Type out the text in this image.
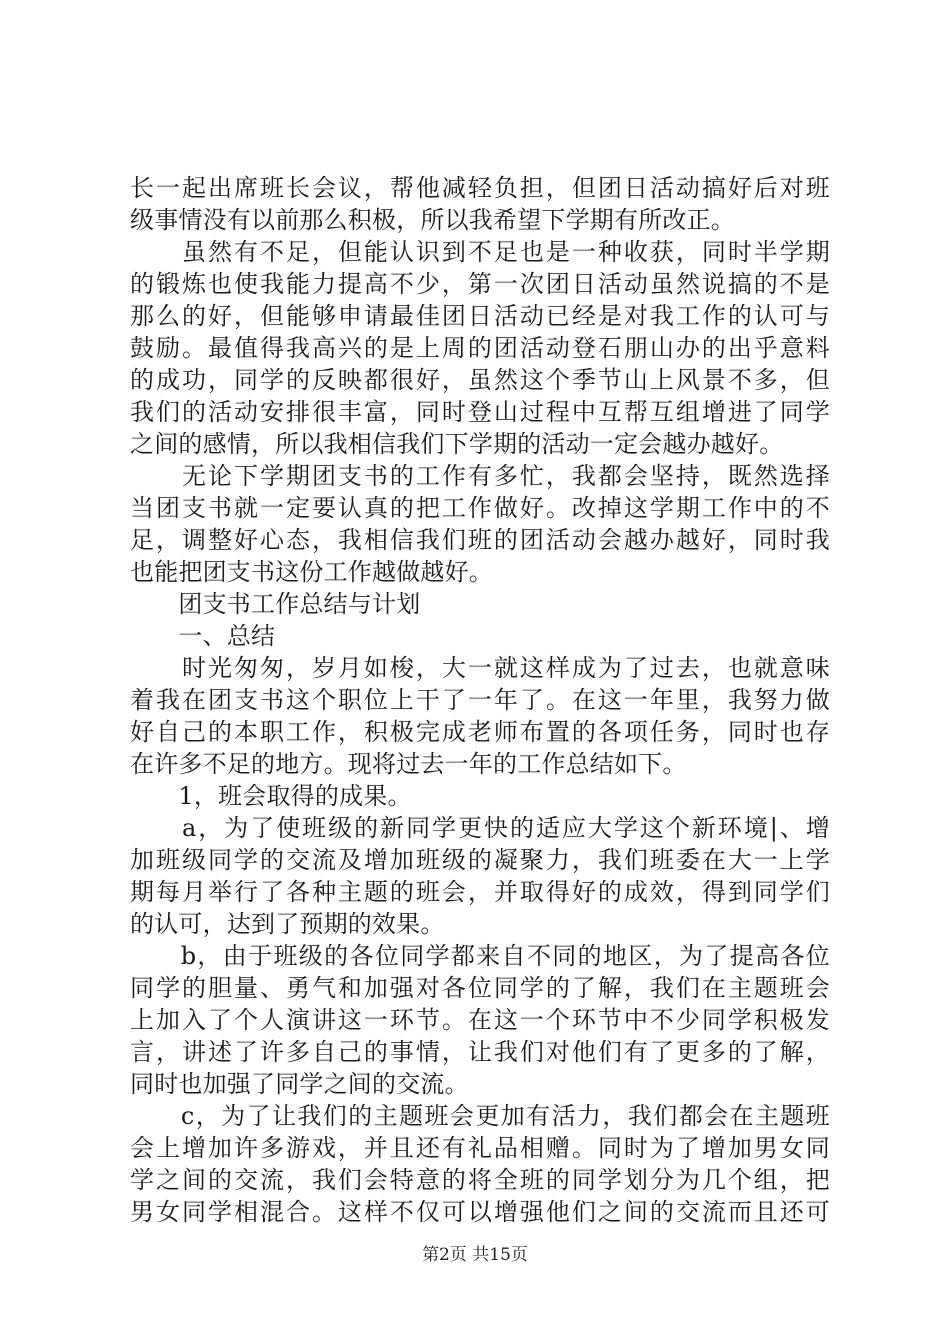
长一起出席班长会议，帮他减轻负担，但团日活动搞好后对班
级事情没有以前那么积极，所以我希望下学期有所改正。
　　虽然有不足，但能认识到不足也是一种收获，同时半学期
的锻炼也使我能力提高不少，第一次团日活动虽然说搞的不是
那么的好，但能够申请最佳团日活动已经是对我工作的认可与
鼓励。最值得我高兴的是上周的团活动登石朋山办的出乎意料
的成功，同学的反映都很好，虽然这个季节山上风景不多，但
我们的活动安排很丰富，同时登山过程中互帮互组增进了同学
之间的感情，所以我相信我们下学期的活动一定会越办越好。
　　无论下学期团支书的工作有多忙，我都会坚持，既然选择
当团支书就一定要认真的把工作做好。改掉这学期工作中的不
足，调整好心态，我相信我们班的团活动会越办越好，同时我
也能把团支书这份工作越做越好。
　　团支书工作总结与计划
　　一、总结
　　时光匆匆，岁月如梭，大一就这样成为了过去，也就意味
着我在团支书这个职位上干了一年了。在这一年里，我努力做
好自己的本职工作，积极完成老师布置的各项任务，同时也存
在许多不足的地方。现将过去一年的工作总结如下。
　　1，班会取得的成果。
　　a，为了使班级的新同学更快的适应大学这个新环境|、增
加班级同学的交流及增加班级的凝聚力，我们班委在大一上学
期每月举行了各种主题的班会，并取得好的成效，得到同学们
的认可，达到了预期的效果。
　　b，由于班级的各位同学都来自不同的地区，为了提高各位
同学的胆量、勇气和加强对各位同学的了解，我们在主题班会
上加入了个人演讲这一环节。在这一个环节中不少同学积极发
言，讲述了许多自己的事情，让我们对他们有了更多的了解，
同时也加强了同学之间的交流。
　　c，为了让我们的主题班会更加有活力，我们都会在主题班
会上增加许多游戏，并且还有礼品相赠。同时为了增加男女同
学之间的交流，我们会特意的将全班的同学划分为几个组，把
男女同学相混合。这样不仅可以增强他们之间的交流而且还可
第2页 共15页
